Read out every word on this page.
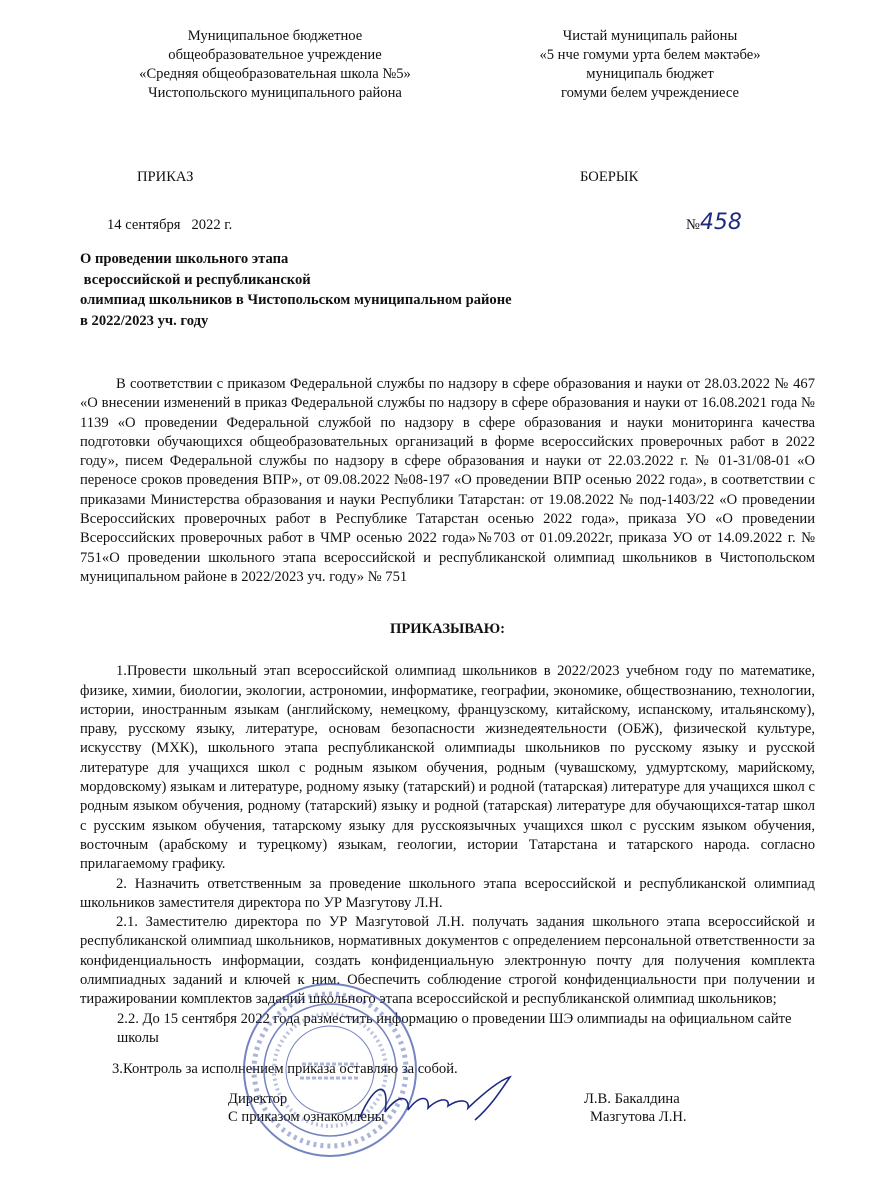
Муниципальное бюджетное
общеобразовательное учреждение
«Средняя общеобразовательная школа №5»
Чистопольского муниципального района
Чистай муниципаль районы
«5 нче гомуми урта белем мәктәбе»
муниципаль бюджет
гомуми белем учреждениесе
ПРИКАЗ	БОЕРЫК
14 сентября   2022 г.	№458
О проведении школьного этапа
всероссийской и республиканской
олимпиад школьников в Чистопольском муниципальном районе
в 2022/2023 уч. году

В соответствии с приказом Федеральной службы по надзору в сфере образования и науки от 28.03.2022 № 467 «О внесении изменений в приказ Федеральной службы по надзору в сфере образования и науки от 16.08.2021 года № 1139 «О проведении Федеральной службой по надзору в сфере образования и науки мониторинга качества подготовки обучающихся общеобразовательных организаций в форме всероссийских проверочных работ в 2022 году», писем Федеральной службы по надзору в сфере образования и науки от 22.03.2022 г. № 01-31/08-01 «О переносе сроков проведения ВПР», от 09.08.2022 №08-197 «О проведении ВПР осенью 2022 года», в соответствии с приказами Министерства образования и науки Республики Татарстан: от 19.08.2022 № под-1403/22 «О проведении Всероссийских проверочных работ в Республике Татарстан осенью 2022 года», приказа УО «О проведении Всероссийских проверочных работ в ЧМР осенью 2022 года»№703 от 01.09.2022г, приказа УО от 14.09.2022 г. № 751«О проведении школьного этапа всероссийской и республиканской олимпиад школьников в Чистопольском муниципальном районе в 2022/2023 уч. году» № 751

ПРИКАЗЫВАЮ:

1.Провести школьный этап всероссийской олимпиад школьников в 2022/2023 учебном году по математике, физике, химии, биологии, экологии, астрономии, информатике, географии, экономике, обществознанию, технологии, истории, иностранным языкам (английскому, немецкому, французскому, китайскому, испанскому, итальянскому), праву, русскому языку, литературе, основам безопасности жизнедеятельности (ОБЖ), физической культуре, искусству (МХК), школьного этапа республиканской олимпиады школьников по русскому языку и русской литературе для учащихся школ с родным языком обучения, родным (чувашскому, удмуртскому, марийскому, мордовскому) языкам и литературе, родному языку (татарский) и родной (татарская) литературе для учащихся школ с родным языком обучения, родному (татарский) языку и родной (татарская) литературе для обучающихся-татар школ с русским языком обучения, татарскому языку для русскоязычных учащихся школ с русским языком обучения, восточным (арабскому и турецкому) языкам, геологии, истории Татарстана и татарского народа. согласно прилагаемому графику.

2. Назначить ответственным за проведение школьного этапа всероссийской и республиканской олимпиад школьников заместителя директора по УР Мазгутову Л.Н.

2.1. Заместителю директора по УР Мазгутовой Л.Н. получать задания школьного этапа всероссийской и республиканской олимпиад школьников, нормативных документов с определением персональной ответственности за конфиденциальность информации, создать конфиденциальную электронную почту для получения комплекта олимпиадных заданий и ключей к ним. Обеспечить соблюдение строгой конфиденциальности при получении и тиражировании комплектов заданий школьного этапа всероссийской и республиканской олимпиад школьников;

2.2. До 15 сентября 2022 года разместить информацию о проведении ШЭ олимпиады на официальном сайте школы

3.Контроль за исполнением приказа оставляю за собой.

Директор	Л.В. Бакалдина
С приказом ознакомлены	Мазгутова Л.Н.
